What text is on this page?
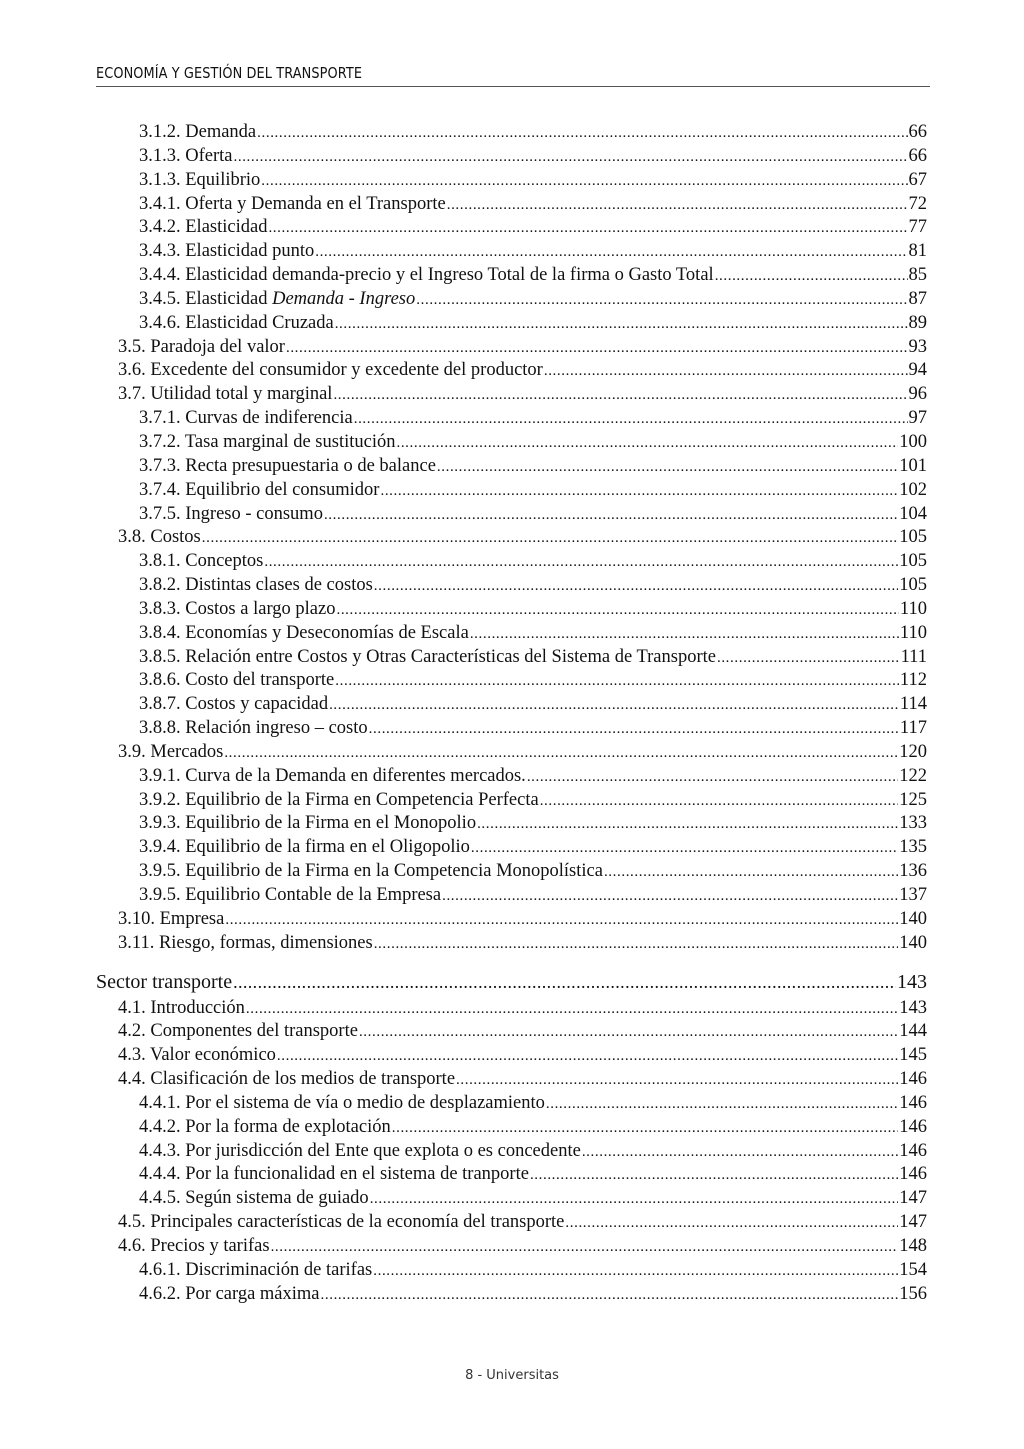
ECONOMÍA Y GESTIÓN DEL TRANSPORTE
3.1.2. Demanda .....	66
3.1.3. Oferta .....	66
3.1.3. Equilibrio .....	67
3.4.1. Oferta y Demanda en el Transporte .....	72
3.4.2. Elasticidad .....	77
3.4.3. Elasticidad punto .....	81
3.4.4. Elasticidad demanda-precio y el Ingreso Total de la firma o Gasto Total .....	85
3.4.5. Elasticidad Demanda - Ingreso .....	87
3.4.6. Elasticidad Cruzada .....	89
3.5. Paradoja del valor .....	93
3.6. Excedente del consumidor y excedente del productor .....	94
3.7. Utilidad total y marginal .....	96
3.7.1. Curvas de indiferencia .....	97
3.7.2. Tasa marginal de sustitución .....	100
3.7.3. Recta presupuestaria o de balance .....	101
3.7.4. Equilibrio del consumidor .....	102
3.7.5. Ingreso - consumo .....	104
3.8. Costos .....	105
3.8.1. Conceptos .....	105
3.8.2. Distintas clases de costos .....	105
3.8.3. Costos a largo plazo .....	110
3.8.4. Economías y Deseconomías de Escala .....	110
3.8.5. Relación entre Costos y Otras Características del Sistema de Transporte .....	111
3.8.6. Costo del transporte .....	112
3.8.7. Costos y capacidad .....	114
3.8.8. Relación ingreso – costo .....	117
3.9. Mercados .....	120
3.9.1. Curva de la Demanda en diferentes mercados. .....	122
3.9.2. Equilibrio de la Firma en Competencia Perfecta .....	125
3.9.3. Equilibrio de la Firma en el Monopolio .....	133
3.9.4. Equilibrio de la firma en el Oligopolio .....	135
3.9.5. Equilibrio de la Firma en la Competencia Monopolística .....	136
3.9.5. Equilibrio Contable de la Empresa .....	137
3.10. Empresa .....	140
3.11. Riesgo, formas, dimensiones .....	140
Sector transporte .....	143
4.1. Introducción .....	143
4.2. Componentes del transporte .....	144
4.3. Valor económico .....	145
4.4. Clasificación de los medios de transporte .....	146
4.4.1. Por el sistema de vía o medio de desplazamiento .....	146
4.4.2. Por la forma de explotación .....	146
4.4.3. Por jurisdicción del Ente que explota o es concedente .....	146
4.4.4. Por la funcionalidad en el sistema de tranporte .....	146
4.4.5. Según sistema de guiado .....	147
4.5. Principales características de la economía del transporte .....	147
4.6. Precios y tarifas .....	148
4.6.1. Discriminación de tarifas .....	154
4.6.2. Por carga máxima .....	156
8 - Universitas
